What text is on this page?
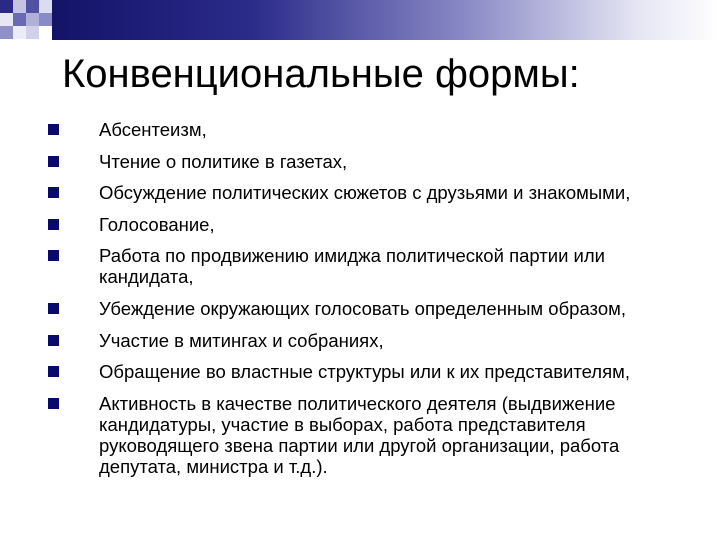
Конвенциональные формы:
Абсентеизм,
Чтение о политике в газетах,
Обсуждение политических сюжетов с друзьями и знакомыми,
Голосование,
Работа по продвижению имиджа политической партии или кандидата,
Убеждение окружающих голосовать определенным образом,
Участие в митингах и собраниях,
Обращение во властные структуры или к их представителям,
Активность в качестве политического деятеля (выдвижение кандидатуры, участие в выборах, работа представителя руководящего звена партии или другой организации, работа депутата, министра и т.д.).
